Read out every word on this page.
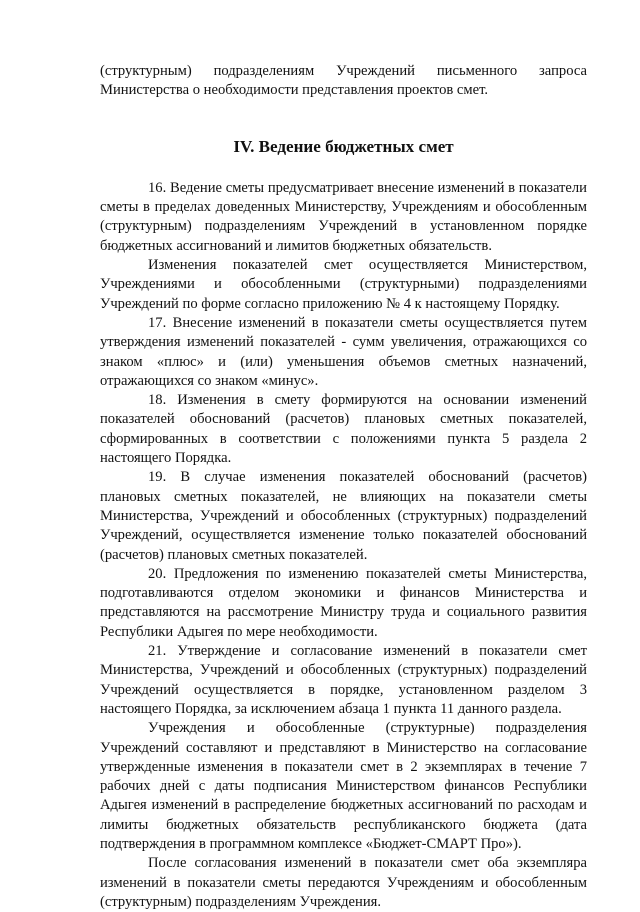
(структурным) подразделениям Учреждений письменного запроса Министерства о необходимости представления проектов смет.

IV. Ведение бюджетных смет

16. Ведение сметы предусматривает внесение изменений в показатели сметы в пределах доведенных Министерству, Учреждениям и обособленным (структурным) подразделениям Учреждений в установленном порядке бюджетных ассигнований и лимитов бюджетных обязательств.

Изменения показателей смет осуществляется Министерством, Учреждениями и обособленными (структурными) подразделениями Учреждений по форме согласно приложению № 4 к настоящему Порядку.

17. Внесение изменений в показатели сметы осуществляется путем утверждения изменений показателей - сумм увеличения, отражающихся со знаком «плюс» и (или) уменьшения объемов сметных назначений, отражающихся со знаком «минус».

18. Изменения в смету формируются на основании изменений показателей обоснований (расчетов) плановых сметных показателей, сформированных в соответствии с положениями пункта 5 раздела 2 настоящего Порядка.

19. В случае изменения показателей обоснований (расчетов) плановых сметных показателей, не влияющих на показатели сметы Министерства, Учреждений и обособленных (структурных) подразделений Учреждений, осуществляется изменение только показателей обоснований (расчетов) плановых сметных показателей.

20. Предложения по изменению показателей сметы Министерства, подготавливаются отделом экономики и финансов Министерства и представляются на рассмотрение Министру труда и социального развития Республики Адыгея по мере необходимости.

21. Утверждение и согласование изменений в показатели смет Министерства, Учреждений и обособленных (структурных) подразделений Учреждений осуществляется в порядке, установленном разделом 3 настоящего Порядка, за исключением абзаца 1 пункта 11 данного раздела.

Учреждения и обособленные (структурные) подразделения Учреждений составляют и представляют в Министерство на согласование утвержденные изменения в показатели смет в 2 экземплярах в течение 7 рабочих дней с даты подписания Министерством финансов Республики Адыгея изменений в распределение бюджетных ассигнований по расходам и лимиты бюджетных обязательств республиканского бюджета (дата подтверждения в программном комплексе «Бюджет-СМАРТ Про»).

После согласования изменений в показатели смет оба экземпляра изменений в показатели сметы передаются Учреждениям и обособленным (структурным) подразделениям Учреждения.
